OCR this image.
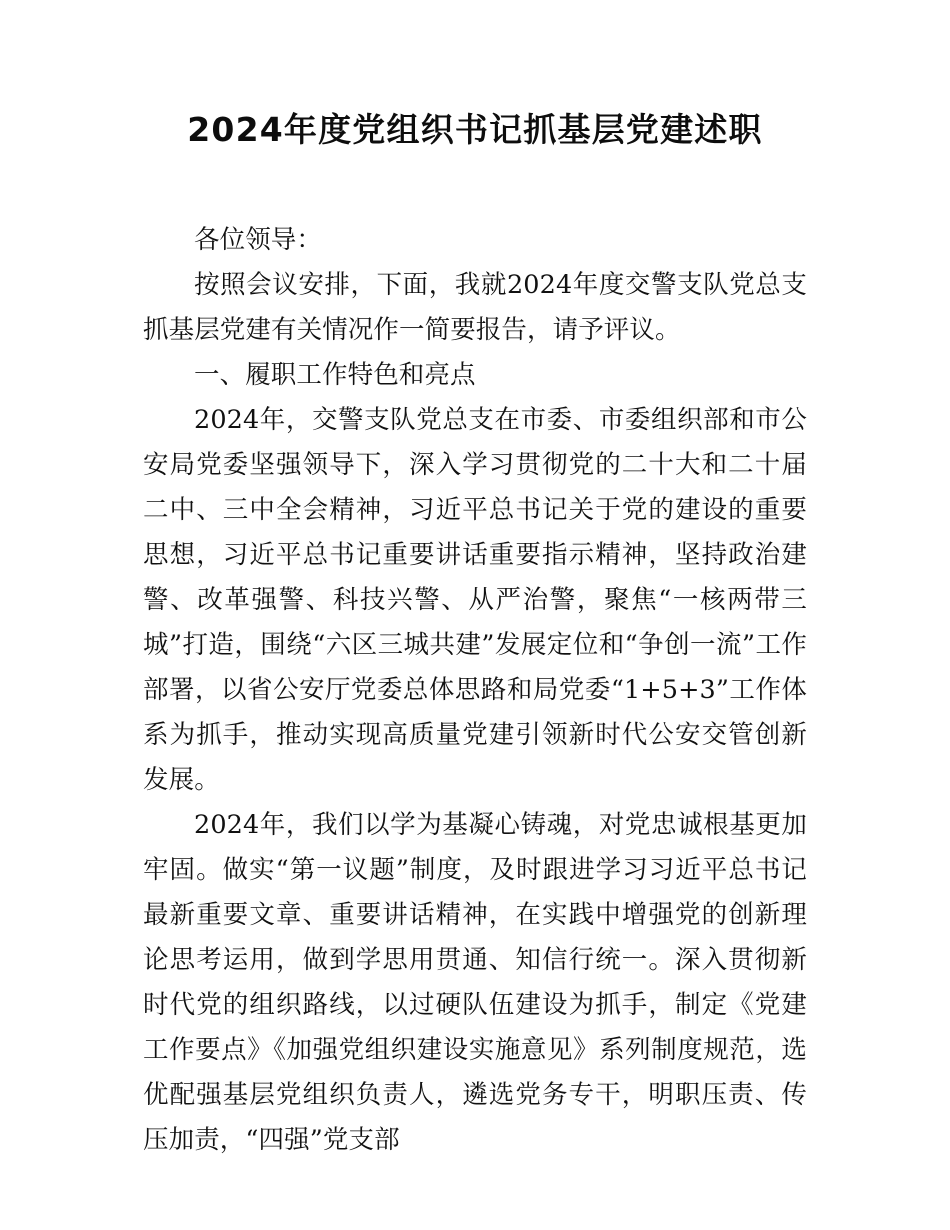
2024年度党组织书记抓基层党建述职

各位领导：

按照会议安排，下面，我就2024年度交警支队党总支抓基层党建有关情况作一简要报告，请予评议。

一、履职工作特色和亮点

2024年，交警支队党总支在市委、市委组织部和市公安局党委坚强领导下，深入学习贯彻党的二十大和二十届二中、三中全会精神，习近平总书记关于党的建设的重要思想，习近平总书记重要讲话重要指示精神，坚持政治建警、改革强警、科技兴警、从严治警，聚焦“一核两带三城”打造，围绕“六区三城共建”发展定位和“争创一流”工作部署，以省公安厅党委总体思路和局党委“1+5+3”工作体系为抓手，推动实现高质量党建引领新时代公安交管创新发展。

2024年，我们以学为基凝心铸魂，对党忠诚根基更加牢固。做实“第一议题”制度，及时跟进学习习近平总书记最新重要文章、重要讲话精神，在实践中增强党的创新理论思考运用，做到学思用贯通、知信行统一。深入贯彻新时代党的组织路线，以过硬队伍建设为抓手，制定《党建工作要点》《加强党组织建设实施意见》系列制度规范，选优配强基层党组织负责人，遴选党务专干，明职压责、传压加责，“四强”党支部
